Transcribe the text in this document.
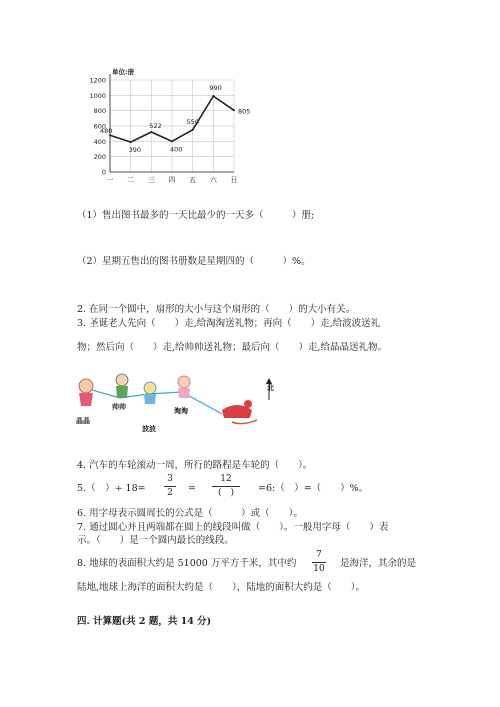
0
200
400
600
800
1000
1200
一 二 三 四 五 六 日
单位:册
480
390
522
400
550
990
805
（1）售出图书最多的一天比最少的一天多（　　　）册;
（2）星期五售出的图书册数是星期四的（　　　）%。
2. 在同一个圆中，扇形的大小与这个扇形的（　　）的大小有关。
3. 圣诞老人先向（　　）走,给淘淘送礼物；再向（　　）走,给波波送礼
物；然后向（　　）走,给帅帅送礼物；最后向（　　）走,给晶晶送礼物。
北
晶晶
帅帅
波波
淘淘
4. 汽车的车轮滚动一周，所行的路程是车轮的（　　）。
5.（　）÷ 18=
3
2	=
12
(　)	=6:（　）=（　　）%。
6. 用字母表示圆周长的公式是（　　　）或（　　）。
7. 通过圆心并且两端都在圆上的线段叫做（　　）。一般用字母（　　）表
示。（　　）是一个圆内最长的线段。
8. 地球的表面积大约是 51000 万平方千米，其中约
7
10 是海洋，其余的是
陆地,地球上海洋的面积大约是（　　），陆地的面积大约是（　　）。
四. 计算题(共 2 题，共 14 分)
